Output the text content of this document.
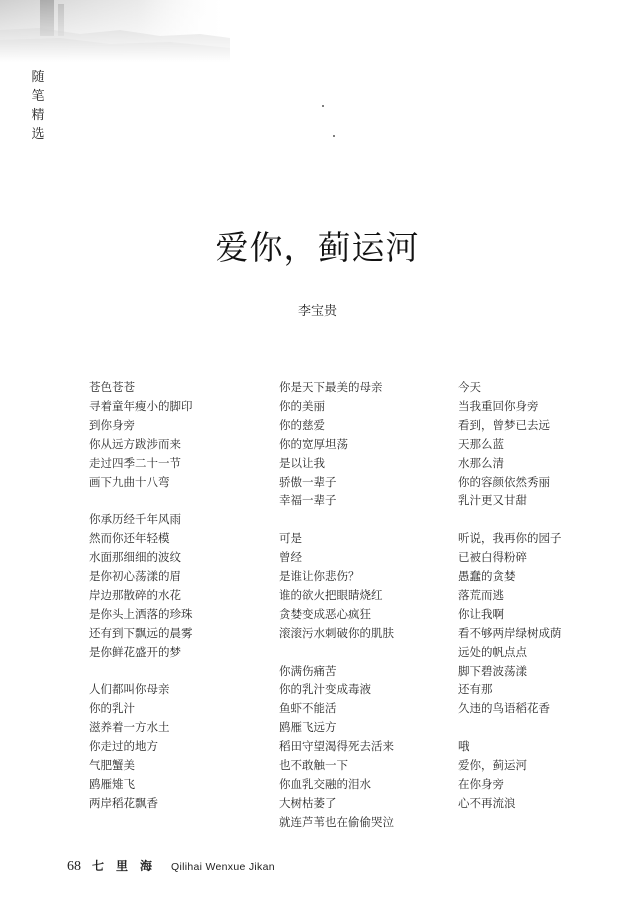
随笔精选
爱你，蓟运河
李宝贵
苍色苍苍
寻着童年瘦小的脚印
到你身旁
你从远方跋涉而来
走过四季二十一节
画下九曲十八弯
你承历经千年风雨
然而你还年轻模
水面那细细的波纹
是你初心荡漾的眉
岸边那散碎的水花
是你头上洒落的珍珠
还有到下飘远的晨雾
是你鲜花盛开的梦
人们都叫你母亲
你的乳汁
滋养着一方水土
你走过的地方
气肥蟹美
鸥雁雉飞
两岸稻花飘香
你是天下最美的母亲
你的美丽
你的慈爱
你的宽厚坦荡
是以让我
骄傲一辈子
幸福一辈子
可是
曾经
是谁让你悲伤？
谁的欲火把眼睛烧红
贪婪变成恶心疯狂
滚滚污水刺破你的肌肤
你满伤痛苦
你的乳汁变成毒液
鱼虾不能活
鸥雁飞远方
稻田守望渴得死去活来
也不敢触一下
你血乳交融的泪水
大树枯萎了
就连芦苇也在偷偷哭泣
今天
当我重回你身旁
看到，曾梦已去远
天那么蓝
水那么清
你的容颜依然秀丽
乳汁更又甘甜
听说，我再你的园子
已被白得粉碎
愚蠢的贪婪
落荒而逃
你让我啊
看不够两岸绿树成荫
远处的帆点点
脚下碧波荡漾
还有那
久违的鸟语稻花香
哦
爱你，蓟运河
在你身旁
心不再流浪
68 七里海 Qilihai Wenxue Jikan
